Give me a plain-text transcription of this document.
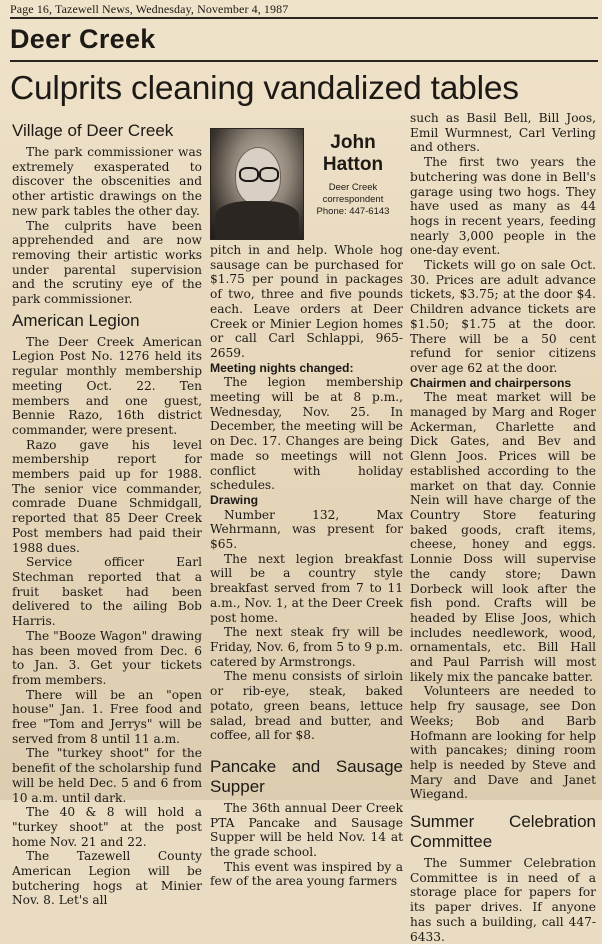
Page 16, Tazewell News, Wednesday, November 4, 1987
Deer Creek
Culprits cleaning vandalized tables
Village of Deer Creek

The park commissioner was extremely exasperated to discover the obscenities and other artistic drawings on the new park tables the other day.

The culprits have been apprehended and are now removing their artistic works under parental supervision and the scrutiny eye of the park commissioner.

American Legion

The Deer Creek American Legion Post No. 1276 held its regular monthly membership meeting Oct. 22. Ten members and one guest, Bennie Razo, 16th district commander, were present.

Razo gave his level membership report for members paid up for 1988. The senior vice commander, comrade Duane Schmidgall, reported that 85 Deer Creek Post members had paid their 1988 dues.

Service officer Earl Stechman reported that a fruit basket had been delivered to the ailing Bob Harris.

The "Booze Wagon" drawing has been moved from Dec. 6 to Jan. 3. Get your tickets from members.

There will be an "open house" Jan. 1. Free food and free "Tom and Jerrys" will be served from 8 until 11 a.m.

The "turkey shoot" for the benefit of the scholarship fund will be held Dec. 5 and 6 from 10 a.m. until dark.

The 40 & 8 will hold a "turkey shoot" at the post home Nov. 21 and 22.

The Tazewell County American Legion will be butchering hogs at Minier Nov. 8. Let's all

John
Hatton
Deer Creek
correspondent
Phone: 447-6143

pitch in and help. Whole hog sausage can be purchased for $1.75 per pound in packages of two, three and five pounds each. Leave orders at Deer Creek or Minier Legion homes or call Carl Schlappi, 965-2659.

Meeting nights changed:

The legion membership meeting will be at 8 p.m., Wednesday, Nov. 25. In December, the meeting will be on Dec. 17. Changes are being made so meetings will not conflict with holiday schedules.

Drawing

Number 132, Max Wehrmann, was present for $65.

The next legion breakfast will be a country style breakfast served from 7 to 11 a.m., Nov. 1, at the Deer Creek post home.

The next steak fry will be Friday, Nov. 6, from 5 to 9 p.m. catered by Armstrongs.

The menu consists of sirloin or rib-eye, steak, baked potato, green beans, lettuce salad, bread and butter, and coffee, all for $8.

Pancake and Sausage Supper

The 36th annual Deer Creek PTA Pancake and Sausage Supper will be held Nov. 14 at the grade school.

This event was inspired by a few of the area young farmers

such as Basil Bell, Bill Joos, Emil Wurmnest, Carl Verling and others.

The first two years the butchering was done in Bell's garage using two hogs. They have used as many as 44 hogs in recent years, feeding nearly 3,000 people in the one-day event.

Tickets will go on sale Oct. 30. Prices are adult advance tickets, $3.75; at the door $4. Children advance tickets are $1.50; $1.75 at the door. There will be a 50 cent refund for senior citizens over age 62 at the door.

Chairmen and chairpersons

The meat market will be managed by Marg and Roger Ackerman, Charlette and Dick Gates, and Bev and Glenn Joos. Prices will be established according to the market on that day. Connie Nein will have charge of the Country Store featuring baked goods, craft items, cheese, honey and eggs. Lonnie Doss will supervise the candy store; Dawn Dorbeck will look after the fish pond. Crafts will be headed by Elise Joos, which includes needlework, wood, ornamentals, etc. Bill Hall and Paul Parrish will most likely mix the pancake batter.

Volunteers are needed to help fry sausage, see Don Weeks; Bob and Barb Hofmann are looking for help with pancakes; dining room help is needed by Steve and Mary and Dave and Janet Wiegand.

Summer Celebration Committee

The Summer Celebration Committee is in need of a storage place for papers for its paper drives. If anyone has such a building, call 447-6433.
